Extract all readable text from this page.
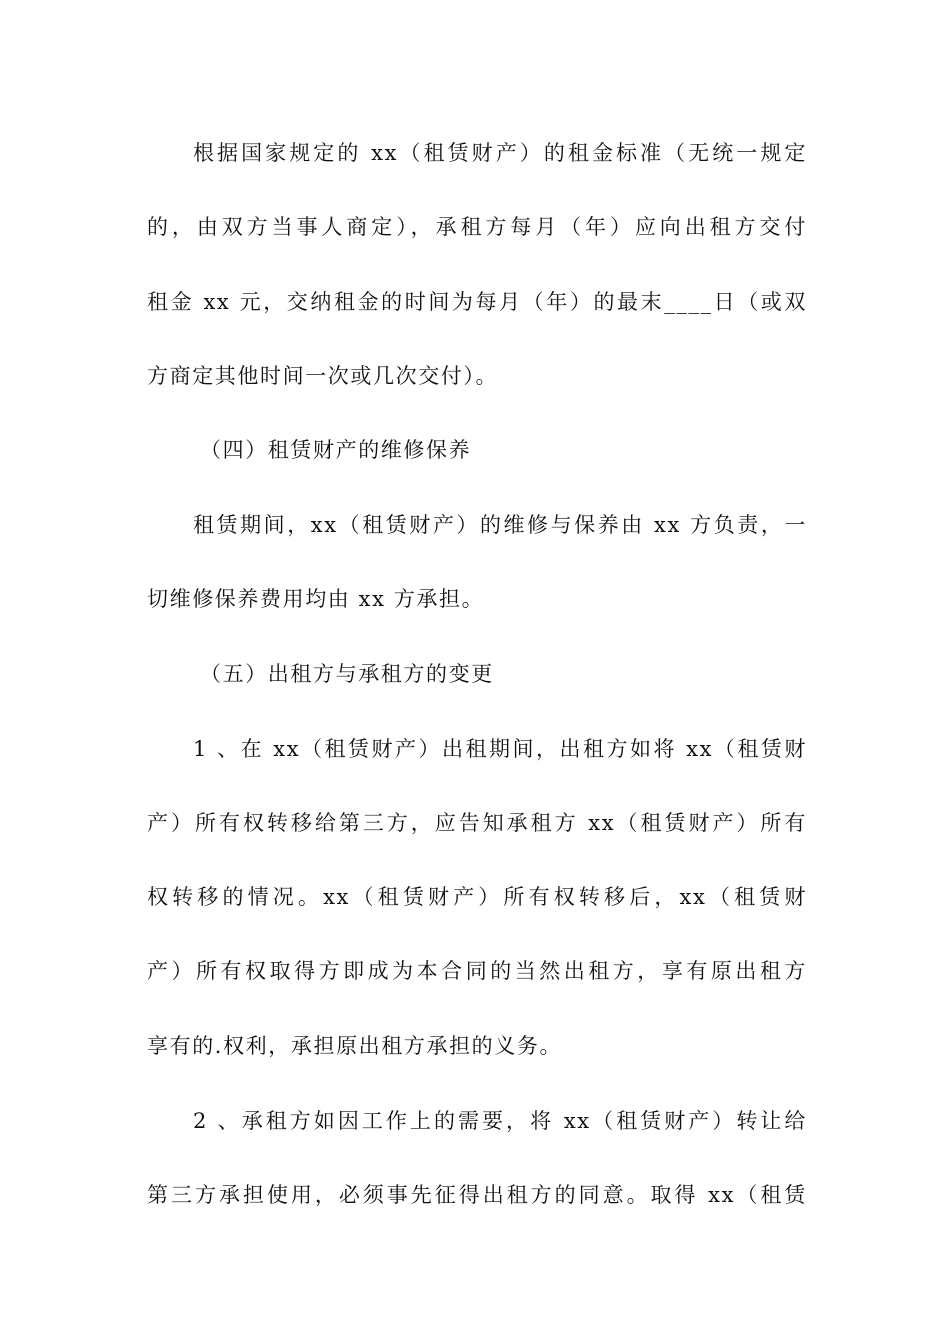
根据国家规定的 xx（租赁财产）的租金标准（无统一规定
的，由双方当事人商定），承租方每月（年）应向出租方交付
租金 xx 元，交纳租金的时间为每月（年）的最末____日（或双
方商定其他时间一次或几次交付）。
（四）租赁财产的维修保养
租赁期间，xx（租赁财产）的维修与保养由 xx 方负责，一
切维修保养费用均由 xx 方承担。
（五）出租方与承租方的变更
1 、在 xx（租赁财产）出租期间，出租方如将 xx（租赁财
产）所有权转移给第三方，应告知承租方 xx（租赁财产）所有
权转移的情况。xx（租赁财产）所有权转移后，xx（租赁财
产）所有权取得方即成为本合同的当然出租方，享有原出租方
享有的.权利，承担原出租方承担的义务。
2 、承租方如因工作上的需要，将 xx（租赁财产）转让给
第三方承担使用，必须事先征得出租方的同意。取得 xx（租赁
